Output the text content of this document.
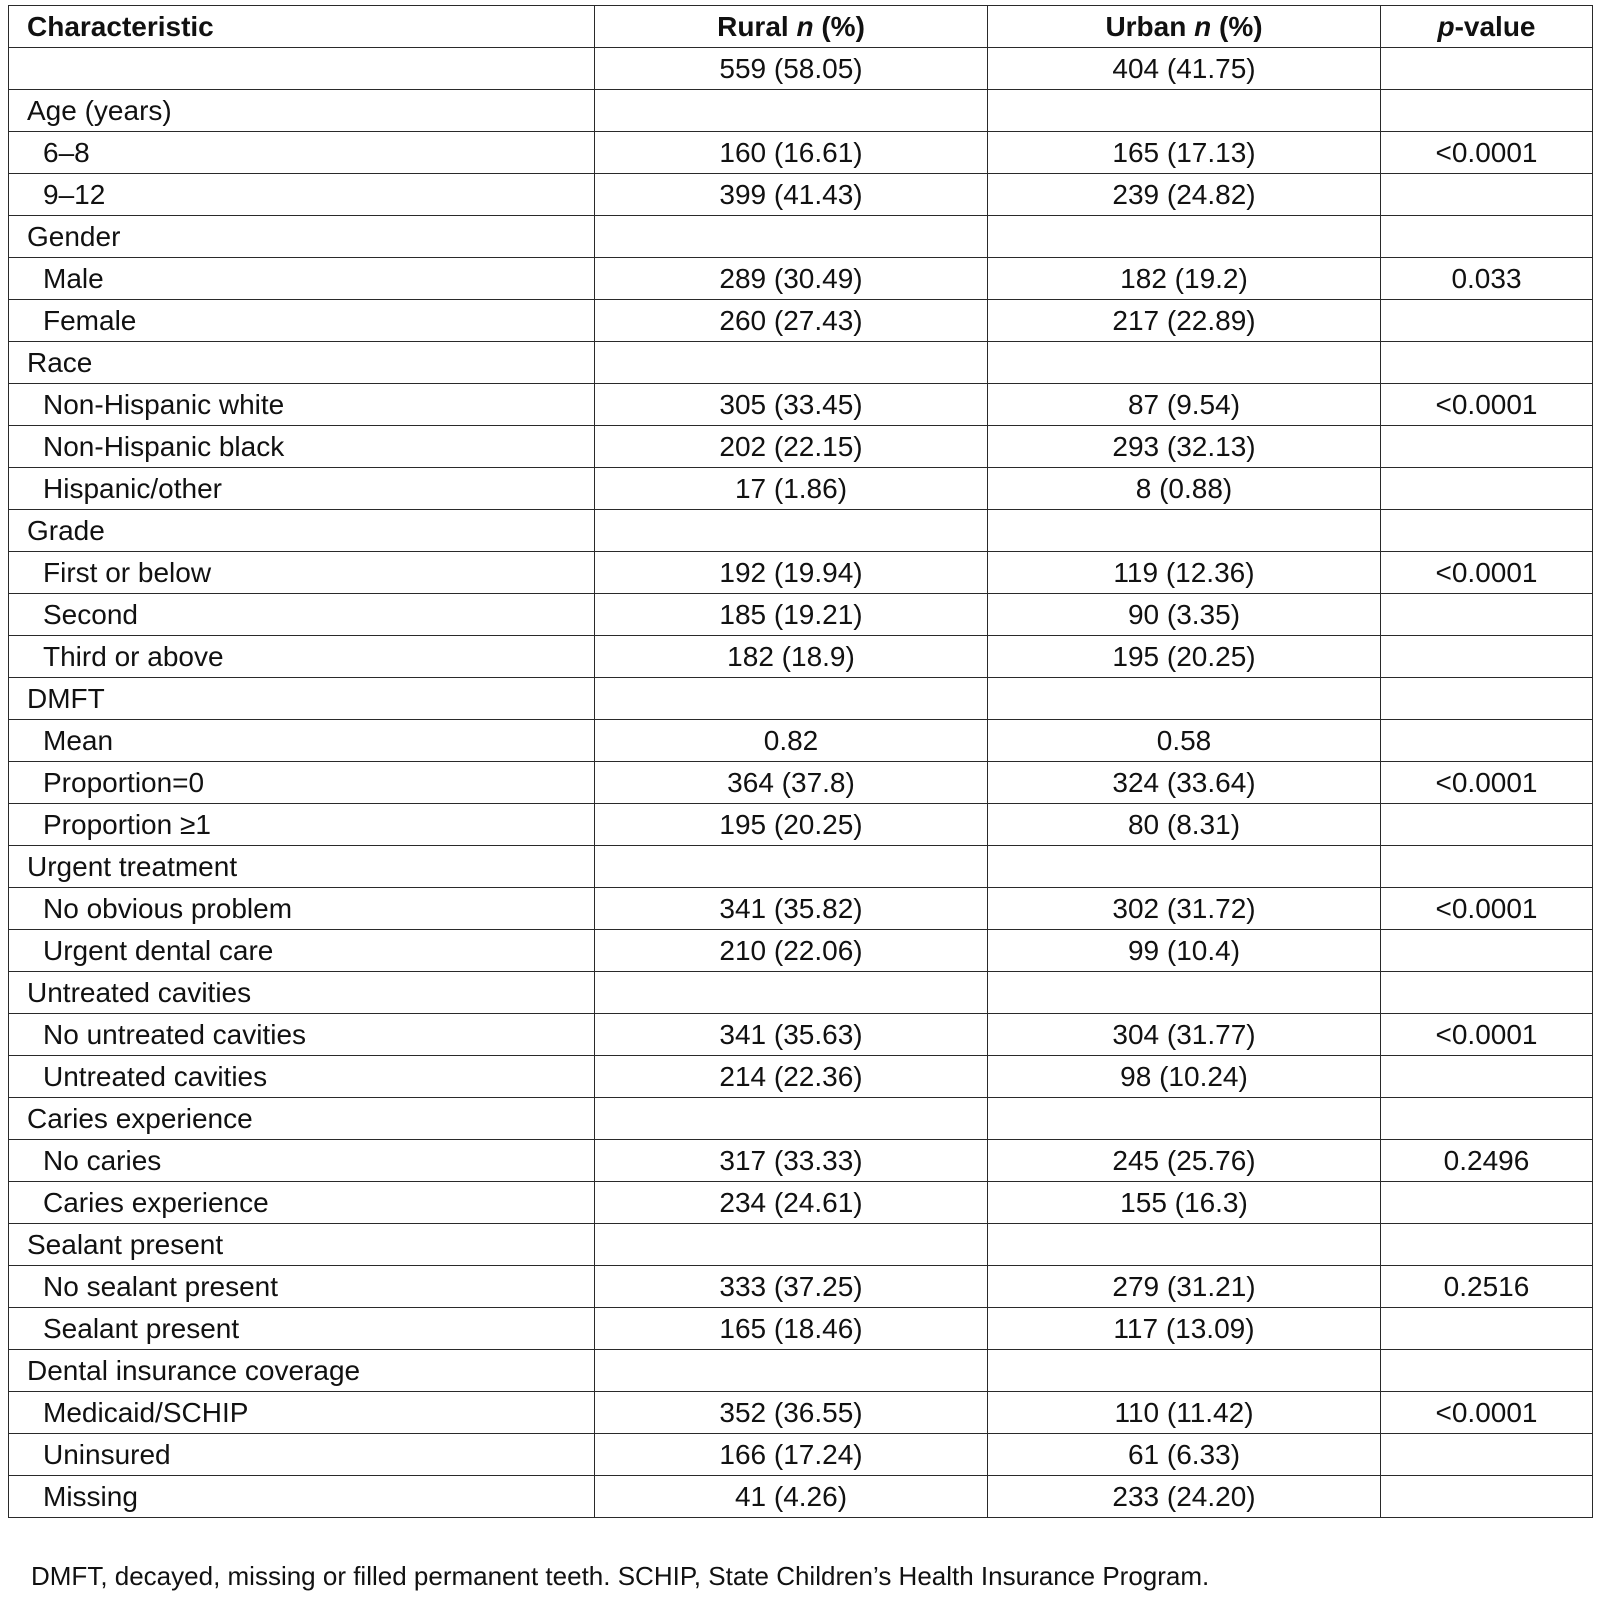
Characteristic	Rural n (%)	Urban n (%)	p-value
	559 (58.05)	404 (41.75)	
Age (years)			
6–8	160 (16.61)	165 (17.13)	<0.0001
9–12	399 (41.43)	239 (24.82)	
Gender			
Male	289 (30.49)	182 (19.2)	0.033
Female	260 (27.43)	217 (22.89)	
Race			
Non-Hispanic white	305 (33.45)	87 (9.54)	<0.0001
Non-Hispanic black	202 (22.15)	293 (32.13)	
Hispanic/other	17 (1.86)	8 (0.88)	
Grade			
First or below	192 (19.94)	119 (12.36)	<0.0001
Second	185 (19.21)	90 (3.35)	
Third or above	182 (18.9)	195 (20.25)	
DMFT			
Mean	0.82	0.58	
Proportion=0	364 (37.8)	324 (33.64)	<0.0001
Proportion ≥1	195 (20.25)	80 (8.31)	
Urgent treatment			
No obvious problem	341 (35.82)	302 (31.72)	<0.0001
Urgent dental care	210 (22.06)	99 (10.4)	
Untreated cavities			
No untreated cavities	341 (35.63)	304 (31.77)	<0.0001
Untreated cavities	214 (22.36)	98 (10.24)	
Caries experience			
No caries	317 (33.33)	245 (25.76)	0.2496
Caries experience	234 (24.61)	155 (16.3)	
Sealant present			
No sealant present	333 (37.25)	279 (31.21)	0.2516
Sealant present	165 (18.46)	117 (13.09)	
Dental insurance coverage			
Medicaid/SCHIP	352 (36.55)	110 (11.42)	<0.0001
Uninsured	166 (17.24)	61 (6.33)	
Missing	41 (4.26)	233 (24.20)	
DMFT, decayed, missing or filled permanent teeth. SCHIP, State Children’s Health Insurance Program.
